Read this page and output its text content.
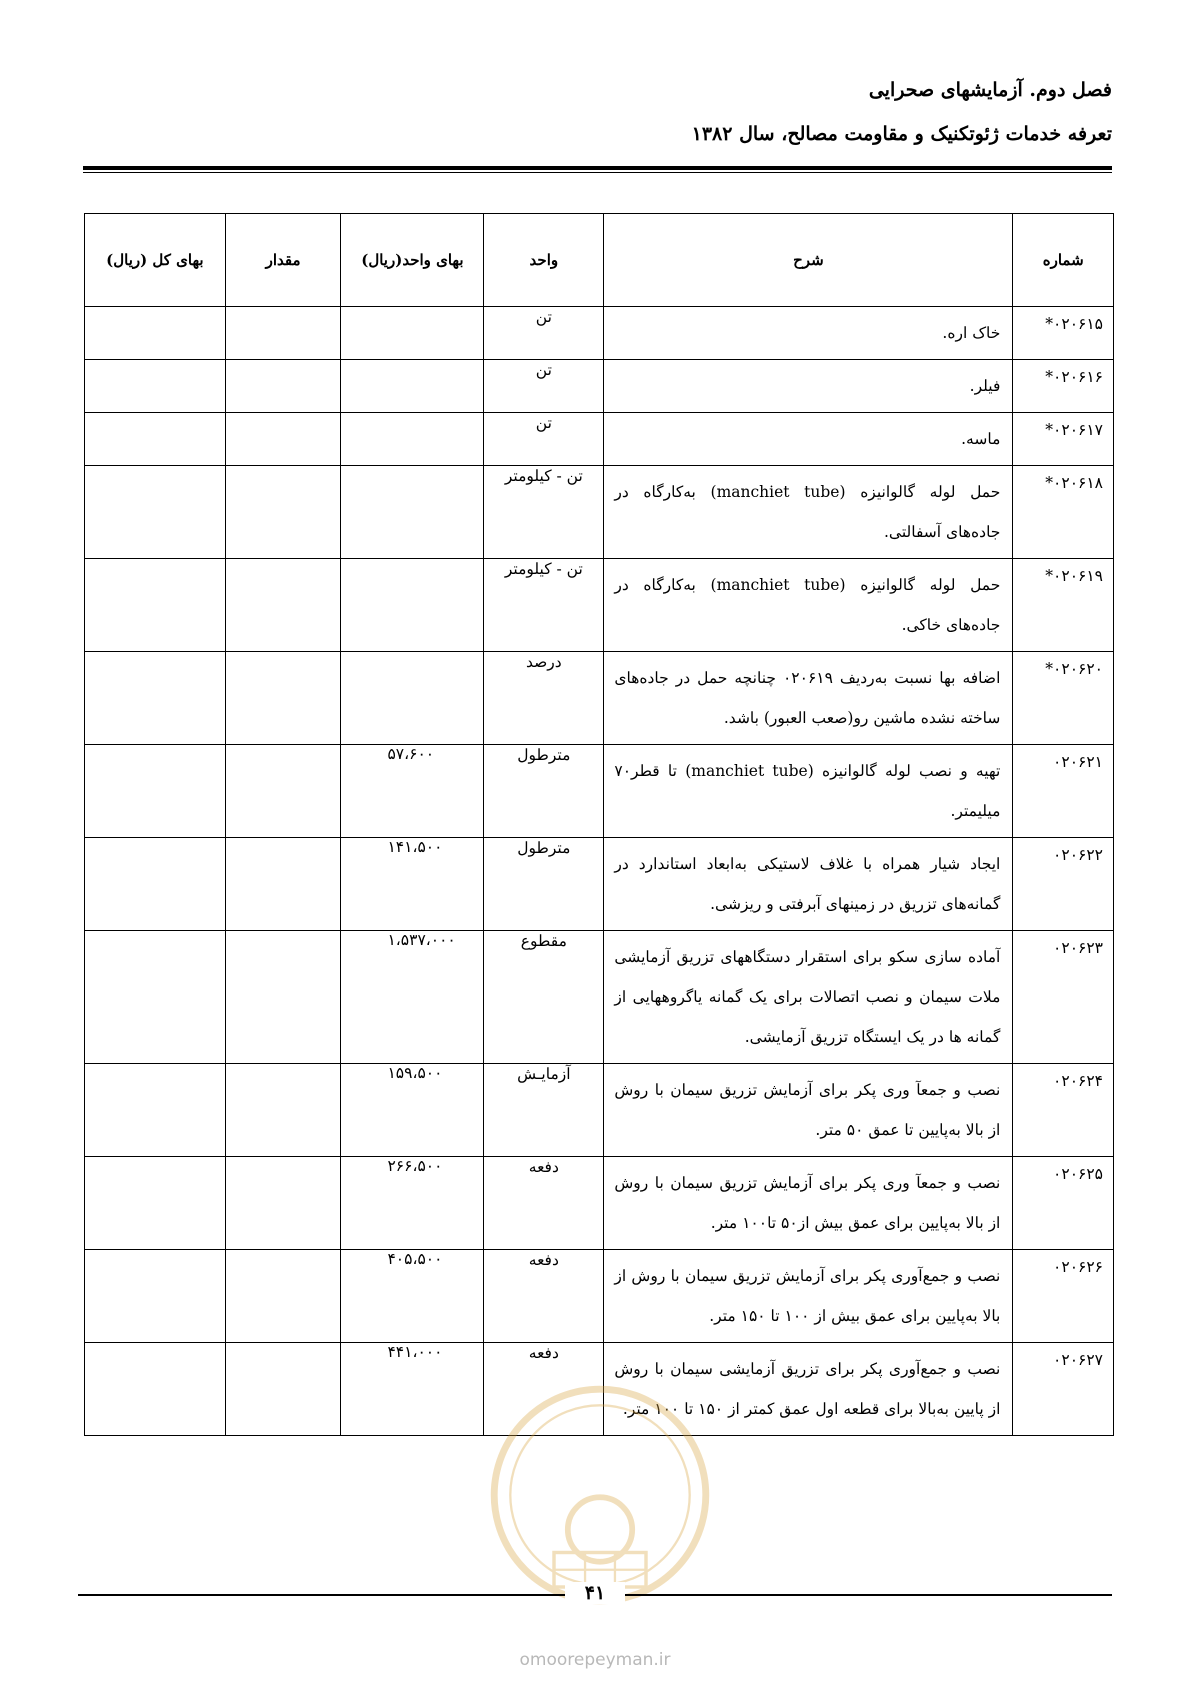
فصل دوم. آزمایشهای صحرایی
تعرفه خدمات ژئوتکنیک و مقاومت مصالح، سال ۱۳۸۲
شماره	شرح	واحد	بهای واحد(ریال)	مقدار	بهای کل (ریال)
۰۲۰۶۱۵*	خاک اره.	تن			
۰۲۰۶۱۶*	فیلر.	تن			
۰۲۰۶۱۷*	ماسه.	تن			
۰۲۰۶۱۸*	حمل لوله گالوانیزه (manchiet tube) به‌کارگاه در جاده‌های آسفالتی.	تن - کیلومتر			
۰۲۰۶۱۹*	حمل لوله گالوانیزه (manchiet tube) به‌کارگاه در جاده‌های خاکی.	تن - کیلومتر			
۰۲۰۶۲۰*	اضافه بها نسبت به‌ردیف ۰۲۰۶۱۹ چنانچه حمل در جاده‌های ساخته نشده ماشین رو(صعب العبور) باشد.	درصد			
۰۲۰۶۲۱	تهیه و نصب لوله گالوانیزه (manchiet tube) تا قطر۷۰ میلیمتر.	مترطول	۵۷،۶۰۰		
۰۲۰۶۲۲	ایجاد شیار همراه با غلاف لاستیکی به‌ابعاد استاندارد در گمانه‌های تزریق در زمینهای آبرفتی و ریزشی.	مترطول	۱۴۱،۵۰۰		
۰۲۰۶۲۳	آماده سازی سکو برای استقرار دستگاههای تزریق آزمایشی ملات سیمان و نصب اتصالات برای یک گمانه یاگروههایی از گمانه ها در یک ایستگاه تزریق آزمایشی.	مقطوع	۱،۵۳۷،۰۰۰		
۰۲۰۶۲۴	نصب و جمعآ وری پکر برای آزمایش تزریق سیمان با روش از بالا به‌پایین تا عمق ۵۰ متر.	آزمایـش	۱۵۹،۵۰۰		
۰۲۰۶۲۵	نصب و جمعآ وری پکر برای آزمایش تزریق سیمان با روش از بالا به‌پایین برای عمق بیش از۵۰ تا۱۰۰ متر.	دفعه	۲۶۶،۵۰۰		
۰۲۰۶۲۶	نصب و جمع‌آوری پکر برای آزمایش تزریق سیمان با روش از بالا به‌پایین برای عمق بیش از ۱۰۰ تا ۱۵۰ متر.	دفعه	۴۰۵،۵۰۰		
۰۲۰۶۲۷	نصب و جمع‌آوری پکر برای تزریق آزمایشی سیمان با روش از پایین به‌بالا برای قطعه اول عمق کمتر از ۱۵۰ تا ۱۰۰ متر.	دفعه	۴۴۱،۰۰۰		
۴۱
omoorepeyman.ir
